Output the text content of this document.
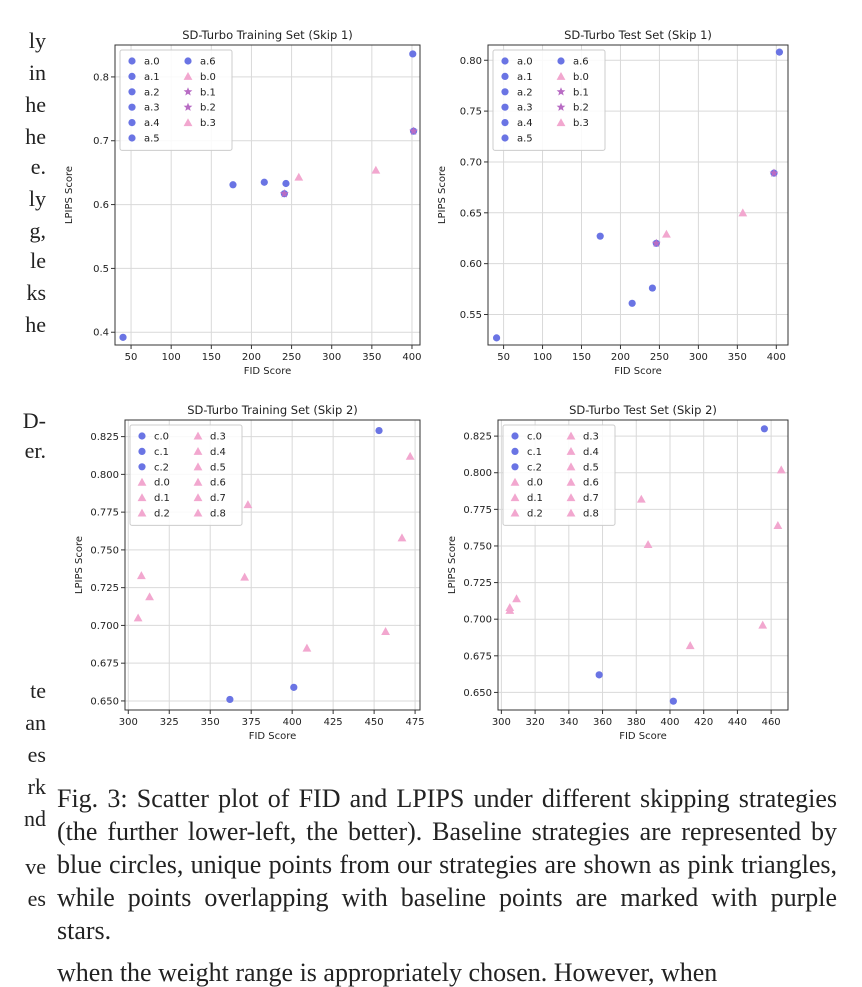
ly
in
he
he
e.
ly
g,
le
ks
he
D-
er.
te
an
es
rk
nd
ve
es
50 100 150 200 250 300 350 400
0.4
0.5
0.6
0.7
0.8
SD-Turbo Training Set (Skip 1)
FID Score
LPIPS Score
a.0
a.1
a.2
a.3
a.4
a.5
a.6
b.0
b.1
b.2
b.3
50 100 150 200 250 300 350 400
0.55
0.60
0.65
0.70
0.75
0.80
SD-Turbo Test Set (Skip 1)
FID Score
LPIPS Score
a.0
a.1
a.2
a.3
a.4
a.5
a.6
b.0
b.1
b.2
b.3
300 325 350 375 400 425 450 475
0.650
0.675
0.700
0.725
0.750
0.775
0.800
0.825
SD-Turbo Training Set (Skip 2)
FID Score
LPIPS Score
c.0
c.1
c.2
d.0
d.1
d.2
d.3
d.4
d.5
d.6
d.7
d.8
300 320 340 360 380 400 420 440 460
0.650
0.675
0.700
0.725
0.750
0.775
0.800
0.825
SD-Turbo Test Set (Skip 2)
FID Score
LPIPS Score
c.0
c.1
c.2
d.0
d.1
d.2
d.3
d.4
d.5
d.6
d.7
d.8
Fig. 3: Scatter plot of FID and LPIPS under different skipping strategies (the further lower-left, the better). Baseline strategies are represented by blue circles, unique points from our strategies are shown as pink triangles, while points overlapping with baseline points are marked with purple stars.
when the weight range is appropriately chosen. However, when
